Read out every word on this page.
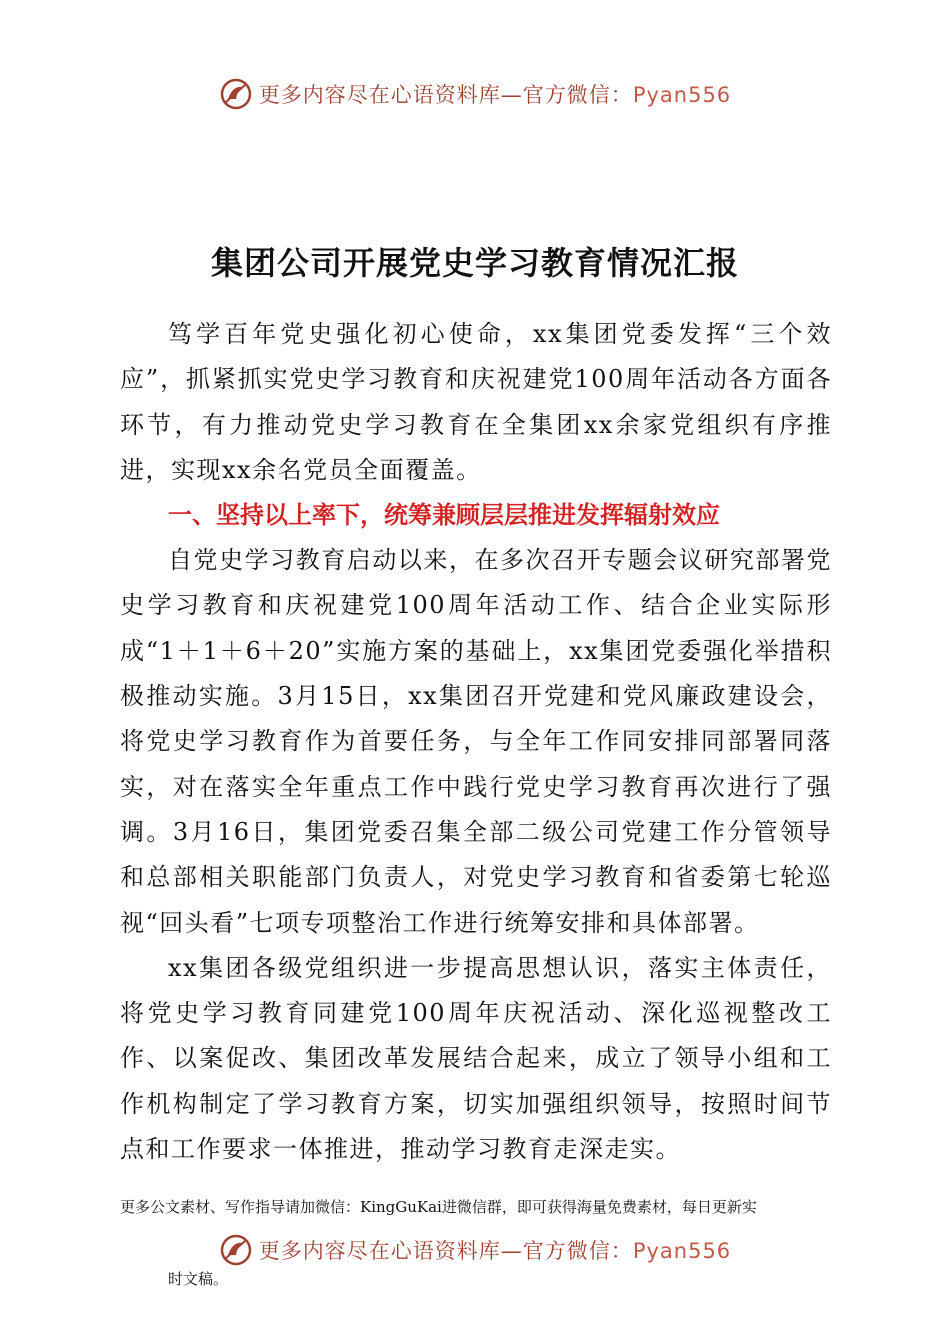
更多内容尽在心语资料库—官方微信：Pyan556
集团公司开展党史学习教育情况汇报

笃学百年党史强化初心使命，xx集团党委发挥“三个效应”，抓紧抓实党史学习教育和庆祝建党100周年活动各方面各环节，有力推动党史学习教育在全集团xx余家党组织有序推进，实现xx余名党员全面覆盖。

一、坚持以上率下，统筹兼顾层层推进发挥辐射效应

自党史学习教育启动以来，在多次召开专题会议研究部署党史学习教育和庆祝建党100周年活动工作、结合企业实际形成“1＋1＋6＋20”实施方案的基础上，xx集团党委强化举措积极推动实施。3月15日，xx集团召开党建和党风廉政建设会，将党史学习教育作为首要任务，与全年工作同安排同部署同落实，对在落实全年重点工作中践行党史学习教育再次进行了强调。3月16日，集团党委召集全部二级公司党建工作分管领导和总部相关职能部门负责人，对党史学习教育和省委第七轮巡视“回头看”七项专项整治工作进行统筹安排和具体部署。

xx集团各级党组织进一步提高思想认识，落实主体责任，将党史学习教育同建党100周年庆祝活动、深化巡视整改工作、以案促改、集团改革发展结合起来，成立了领导小组和工作机构制定了学习教育方案，切实加强组织领导，按照时间节点和工作要求一体推进，推动学习教育走深走实。

更多公文素材、写作指导请加微信：KingGuKai进微信群，即可获得海量免费素材，每日更新实
更多内容尽在心语资料库—官方微信：Pyan556
时文稿。
